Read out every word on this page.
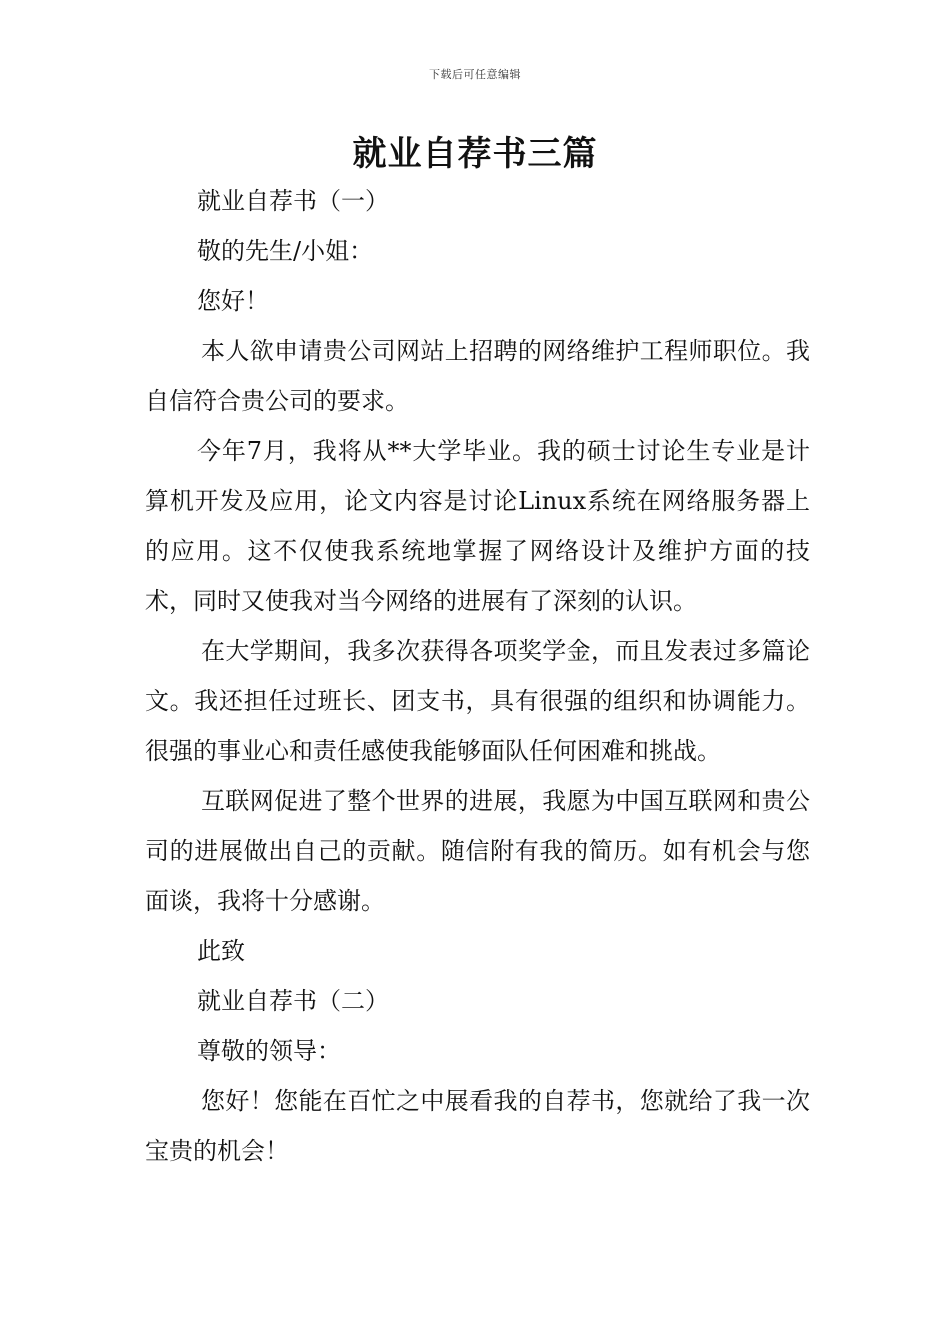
下载后可任意编辑
就业自荐书三篇

就业自荐书（一）

敬的先生/小姐：

您好！

本人欲申请贵公司网站上招聘的网络维护工程师职位。我自信符合贵公司的要求。

今年7月，我将从**大学毕业。我的硕士讨论生专业是计算机开发及应用，论文内容是讨论Linux系统在网络服务器上的应用。这不仅使我系统地掌握了网络设计及维护方面的技术，同时又使我对当今网络的进展有了深刻的认识。

在大学期间，我多次获得各项奖学金，而且发表过多篇论文。我还担任过班长、团支书，具有很强的组织和协调能力。很强的事业心和责任感使我能够面队任何困难和挑战。

互联网促进了整个世界的进展，我愿为中国互联网和贵公司的进展做出自己的贡献。随信附有我的简历。如有机会与您面谈，我将十分感谢。

此致

就业自荐书（二）

尊敬的领导：

您好！您能在百忙之中展看我的自荐书，您就给了我一次宝贵的机会！
